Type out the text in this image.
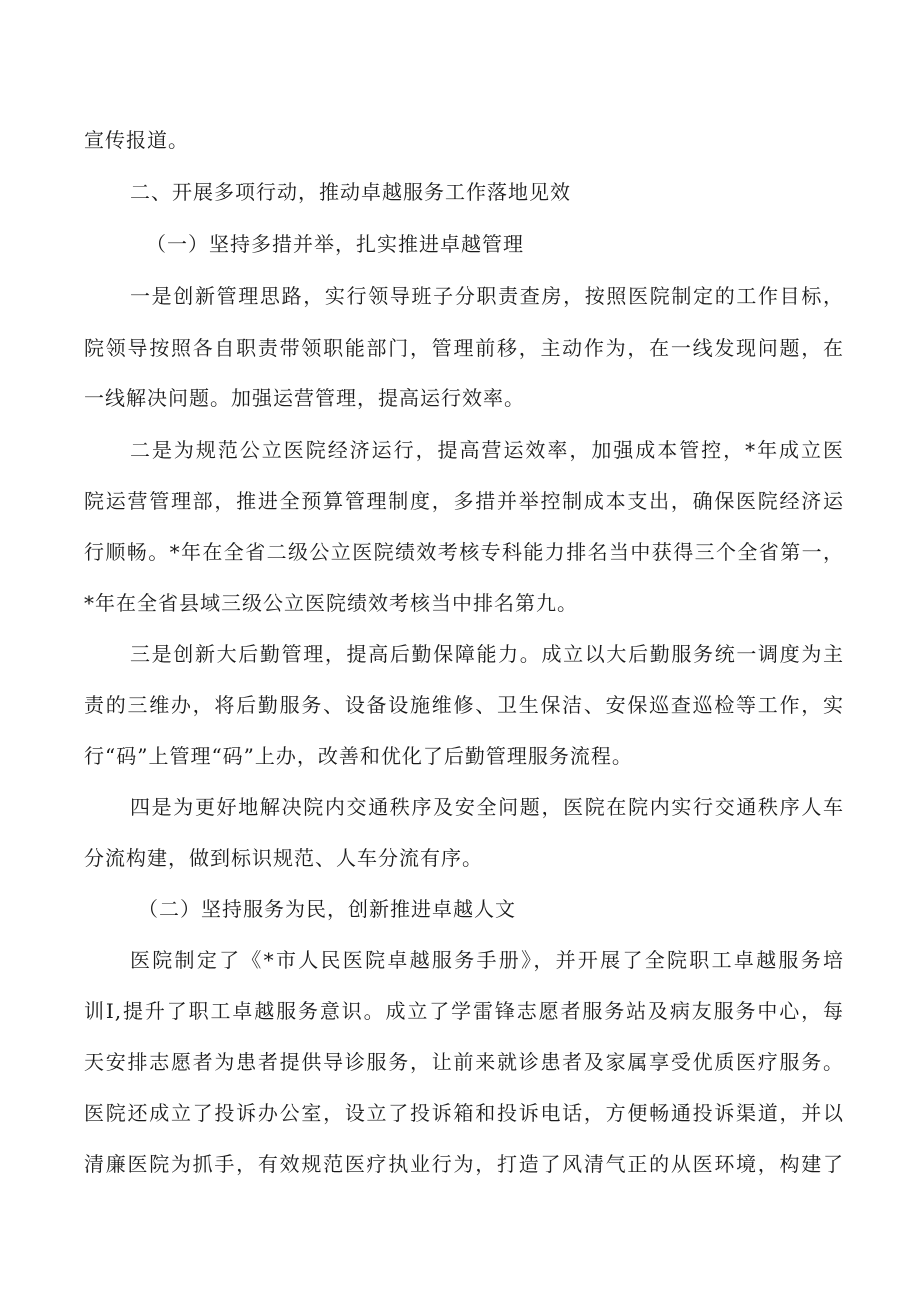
宣传报道。
二、开展多项行动，推动卓越服务工作落地见效
（一）坚持多措并举，扎实推进卓越管理
一是创新管理思路，实行领导班子分职责查房，按照医院制定的工作目标，
院领导按照各自职责带领职能部门，管理前移，主动作为，在一线发现问题，在
一线解决问题。加强运营管理，提高运行效率。
二是为规范公立医院经济运行，提高营运效率，加强成本管控，*年成立医
院运营管理部，推进全预算管理制度，多措并举控制成本支出，确保医院经济运
行顺畅。*年在全省二级公立医院绩效考核专科能力排名当中获得三个全省第一，
*年在全省县域三级公立医院绩效考核当中排名第九。
三是创新大后勤管理，提高后勤保障能力。成立以大后勤服务统一调度为主
责的三维办，将后勤服务、设备设施维修、卫生保洁、安保巡查巡检等工作，实
行“码”上管理“码”上办，改善和优化了后勤管理服务流程。
四是为更好地解决院内交通秩序及安全问题，医院在院内实行交通秩序人车
分流构建，做到标识规范、人车分流有序。
（二）坚持服务为民，创新推进卓越人文
医院制定了《*市人民医院卓越服务手册》，并开展了全院职工卓越服务培
训I,提升了职工卓越服务意识。成立了学雷锋志愿者服务站及病友服务中心，每
天安排志愿者为患者提供导诊服务，让前来就诊患者及家属享受优质医疗服务。
医院还成立了投诉办公室，设立了投诉箱和投诉电话，方便畅通投诉渠道，并以
清廉医院为抓手，有效规范医疗执业行为，打造了风清气正的从医环境，构建了
